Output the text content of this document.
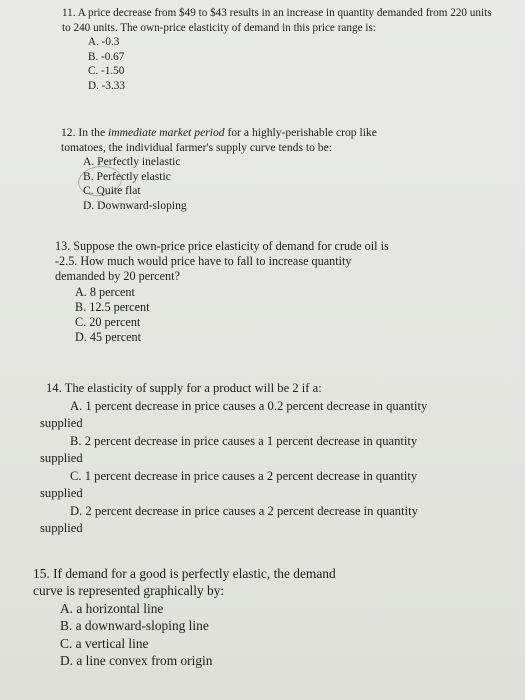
11. A price decrease from $49 to $43 results in an increase in quantity demanded from 220 units to 240 units. The own-price elasticity of demand in this price range is:

A. -0.3
B. -0.67
C. -1.50
D. -3.33

12. In the immediate market period for a highly-perishable crop like tomatoes, the individual farmer's supply curve tends to be:

A. Perfectly inelastic
B. Perfectly elastic
C. Quite flat
D. Downward-sloping

13. Suppose the own-price price elasticity of demand for crude oil is -2.5. How much would price have to fall to increase quantity demanded by 20 percent?

A. 8 percent
B. 12.5 percent
C. 20 percent
D. 45 percent

14. The elasticity of supply for a product will be 2 if a:

A. 1 percent decrease in price causes a 0.2 percent decrease in quantity supplied
B. 2 percent decrease in price causes a 1 percent decrease in quantity supplied
C. 1 percent decrease in price causes a 2 percent decrease in quantity supplied
D. 2 percent decrease in price causes a 2 percent decrease in quantity supplied

15. If demand for a good is perfectly elastic, the demand curve is represented graphically by:

A. a horizontal line
B. a downward-sloping line
C. a vertical line
D. a line convex from origin
